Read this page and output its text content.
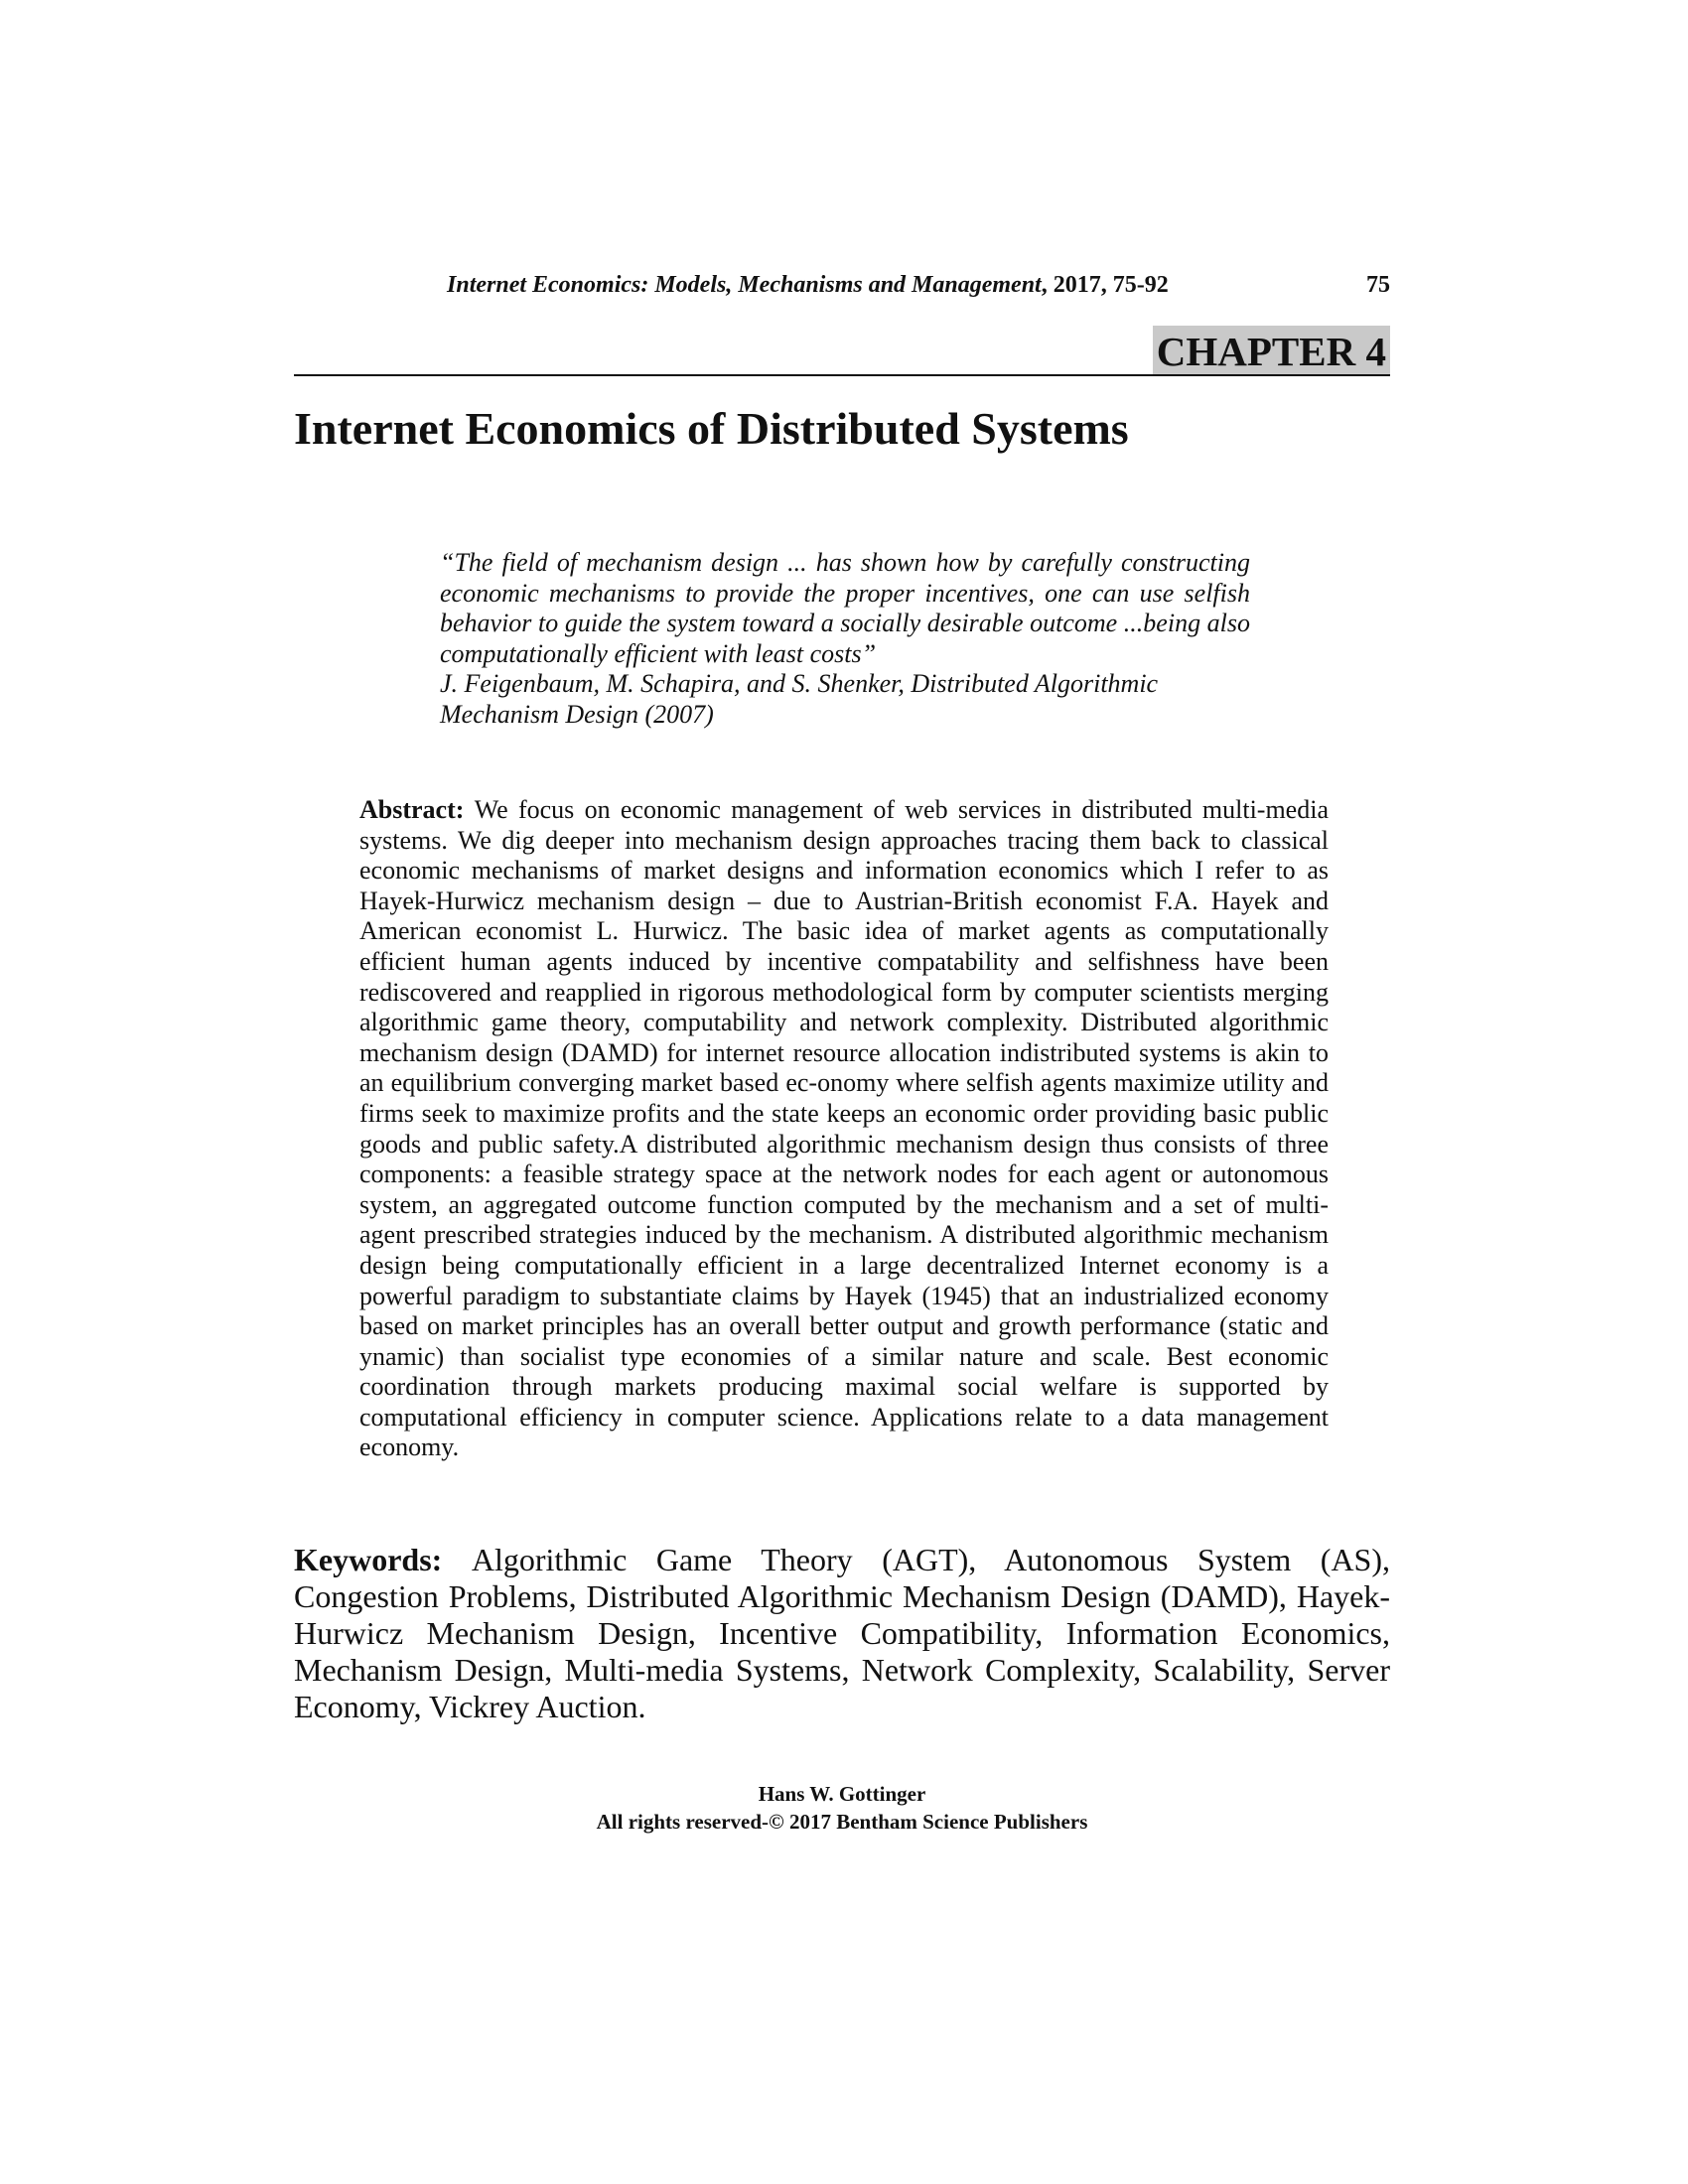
Internet Economics: Models, Mechanisms and Management, 2017, 75-92	75
CHAPTER 4
Internet Economics of Distributed Systems
“The field of mechanism design ... has shown how by carefully constructing economic mechanisms to provide the proper incentives, one can use selfish behavior to guide the system toward a socially desirable outcome ...being also computationally efficient with least costs”
J. Feigenbaum, M. Schapira, and S. Shenker, Distributed Algorithmic Mechanism Design (2007)
Abstract: We focus on economic management of web services in distributed multi-media systems. We dig deeper into mechanism design approaches tracing them back to classical economic mechanisms of market designs and information economics which I refer to as Hayek-Hurwicz mechanism design – due to Austrian-British economist F.A. Hayek and American economist L. Hurwicz. The basic idea of market agents as computationally efficient human agents induced by incentive compatability and selfishness have been rediscovered and reapplied in rigorous methodological form by computer scientists merging algorithmic game theory, computability and network complexity. Distributed algorithmic mechanism design (DAMD) for internet resource allocation indistributed systems is akin to an equilibrium converging market based ec-onomy where selfish agents maximize utility and firms seek to maximize profits and the state keeps an economic order providing basic public goods and public safety.A distributed algorithmic mechanism design thus consists of three components: a feasible strategy space at the network nodes for each agent or autonomous system, an aggregated outcome function computed by the mechanism and a set of multi-agent prescribed strategies induced by the mechanism. A distributed algorithmic mechanism design being computationally efficient in a large decentralized Internet economy is a powerful paradigm to substantiate claims by Hayek (1945) that an industrialized economy based on market principles has an overall better output and growth performance (static and ynamic) than socialist type economies of a similar nature and scale. Best economic coordination through markets producing maximal social welfare is supported by computational efficiency in computer science. Applications relate to a data management economy.
Keywords: Algorithmic Game Theory (AGT), Autonomous System (AS), Congestion Problems, Distributed Algorithmic Mechanism Design (DAMD), Hayek-Hurwicz Mechanism Design, Incentive Compatibility, Information Economics, Mechanism Design, Multi-media Systems, Network Complexity, Scalability, Server Economy, Vickrey Auction.
Hans W. Gottinger
All rights reserved-© 2017 Bentham Science Publishers
